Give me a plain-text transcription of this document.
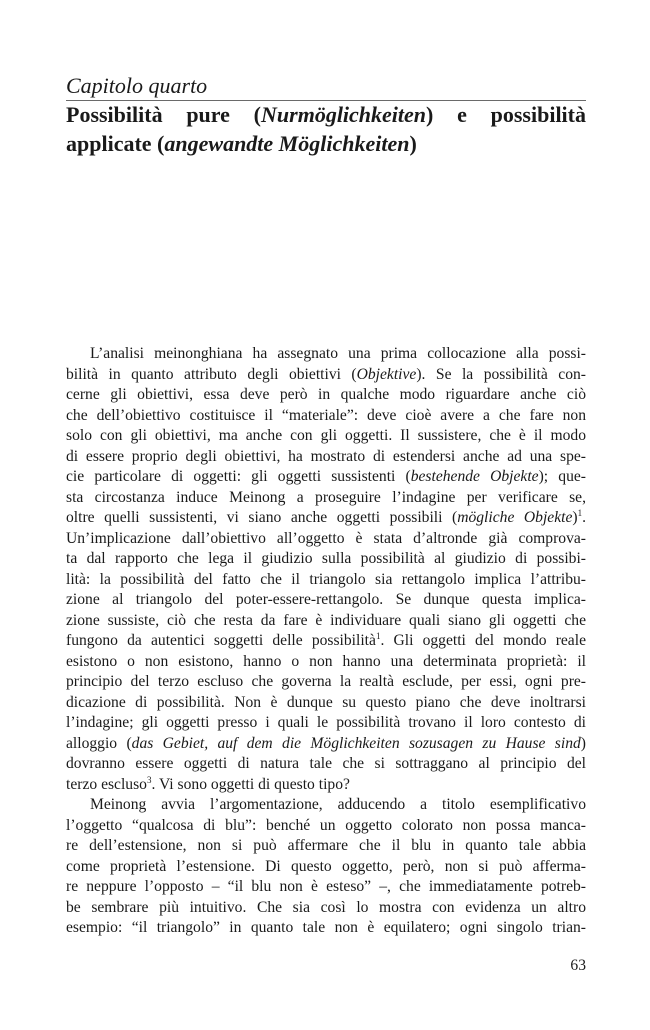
Capitolo quarto
Possibilità pure (Nurmöglichkeiten) e possibilità
applicate (angewandte Möglichkeiten)
L’analisi meinonghiana ha assegnato una prima collocazione alla possi-
bilità in quanto attributo degli obiettivi (Objektive). Se la possibilità con-
cerne gli obiettivi, essa deve però in qualche modo riguardare anche ciò
che dell’obiettivo costituisce il “materiale”: deve cioè avere a che fare non
solo con gli obiettivi, ma anche con gli oggetti. Il sussistere, che è il modo
di essere proprio degli obiettivi, ha mostrato di estendersi anche ad una spe-
cie particolare di oggetti: gli oggetti sussistenti (bestehende Objekte); que-
sta circostanza induce Meinong a proseguire l’indagine per verificare se,
oltre quelli sussistenti, vi siano anche oggetti possibili (mögliche Objekte)$^1$.
Un’implicazione dall’obiettivo all’oggetto è stata d’altronde già comprova-
ta dal rapporto che lega il giudizio sulla possibilità al giudizio di possibi-
lità: la possibilità del fatto che il triangolo sia rettangolo implica l’attribu-
zione al triangolo del poter-essere-rettangolo. Se dunque questa implica-
zione sussiste, ciò che resta da fare è individuare quali siano gli oggetti che
fungono da autentici soggetti delle possibilità$^1$. Gli oggetti del mondo reale
esistono o non esistono, hanno o non hanno una determinata proprietà: il
principio del terzo escluso che governa la realtà esclude, per essi, ogni pre-
dicazione di possibilità. Non è dunque su questo piano che deve inoltrarsi
l’indagine; gli oggetti presso i quali le possibilità trovano il loro contesto di
alloggio (das Gebiet, auf dem die Möglichkeiten sozusagen zu Hause sind)
dovranno essere oggetti di natura tale che si sottraggano al principio del
terzo escluso$^3$. Vi sono oggetti di questo tipo?
Meinong avvia l’argomentazione, adducendo a titolo esemplificativo
l’oggetto “qualcosa di blu”: benché un oggetto colorato non possa manca-
re dell’estensione, non si può affermare che il blu in quanto tale abbia
come proprietà l’estensione. Di questo oggetto, però, non si può afferma-
re neppure l’opposto – “il blu non è esteso” –, che immediatamente potreb-
be sembrare più intuitivo. Che sia così lo mostra con evidenza un altro
esempio: “il triangolo” in quanto tale non è equilatero; ogni singolo trian-
63
